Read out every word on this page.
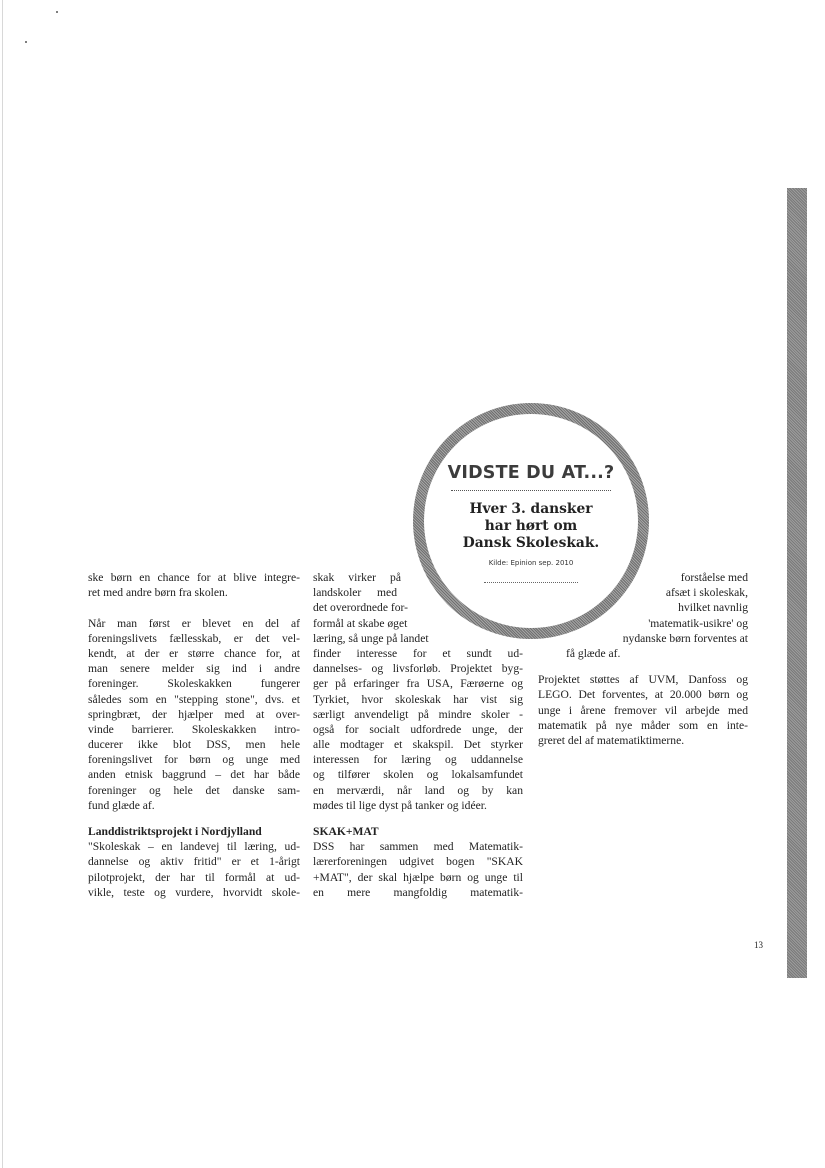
13
ske børn en chance for at blive integre-
ret med andre børn fra skolen.
Når man først er blevet en del af
foreningslivets fællesskab, er det vel-
kendt, at der er større chance for, at
man senere melder sig ind i andre
foreninger. Skoleskakken fungerer
således som en "stepping stone", dvs. et
springbræt, der hjælper med at over-
vinde barrierer. Skoleskakken intro-
ducerer ikke blot DSS, men hele
foreningslivet for børn og unge med
anden etnisk baggrund – det har både
foreninger og hele det danske sam-
fund glæde af.
Landdistriktsprojekt i Nordjylland
"Skoleskak – en landevej til læring, ud-
dannelse og aktiv fritid" er et 1-årigt
pilotprojekt, der har til formål at ud-
vikle, teste og vurdere, hvorvidt skole-
skak virker på
landskoler med
det overordnede for-
formål at skabe øget
læring, så unge på landet
finder interesse for et sundt ud-
dannelses- og livsforløb. Projektet byg-
ger på erfaringer fra USA, Færøerne og
Tyrkiet, hvor skoleskak har vist sig
særligt anvendeligt på mindre skoler -
også for socialt udfordrede unge, der
alle modtager et skakspil. Det styrker
interessen for læring og uddannelse
og tilfører skolen og lokalsamfundet
en merværdi, når land og by kan
mødes til lige dyst på tanker og idéer.
SKAK+MAT
DSS har sammen med Matematik-
lærerforeningen udgivet bogen "SKAK
+MAT", der skal hjælpe børn og unge til
en mere mangfoldig matematik-
forståelse med
afsæt i skoleskak,
hvilket navnlig
'matematik-usikre' og
nydanske børn forventes at
få glæde af.
Projektet støttes af UVM, Danfoss og
LEGO. Det forventes, at 20.000 børn og
unge i årene fremover vil arbejde med
matematik på nye måder som en inte-
greret del af matematiktimerne.
VIDSTE DU AT...?
Hver 3. dansker
har hørt om
Dansk Skoleskak.
Kilde: Epinion sep. 2010
